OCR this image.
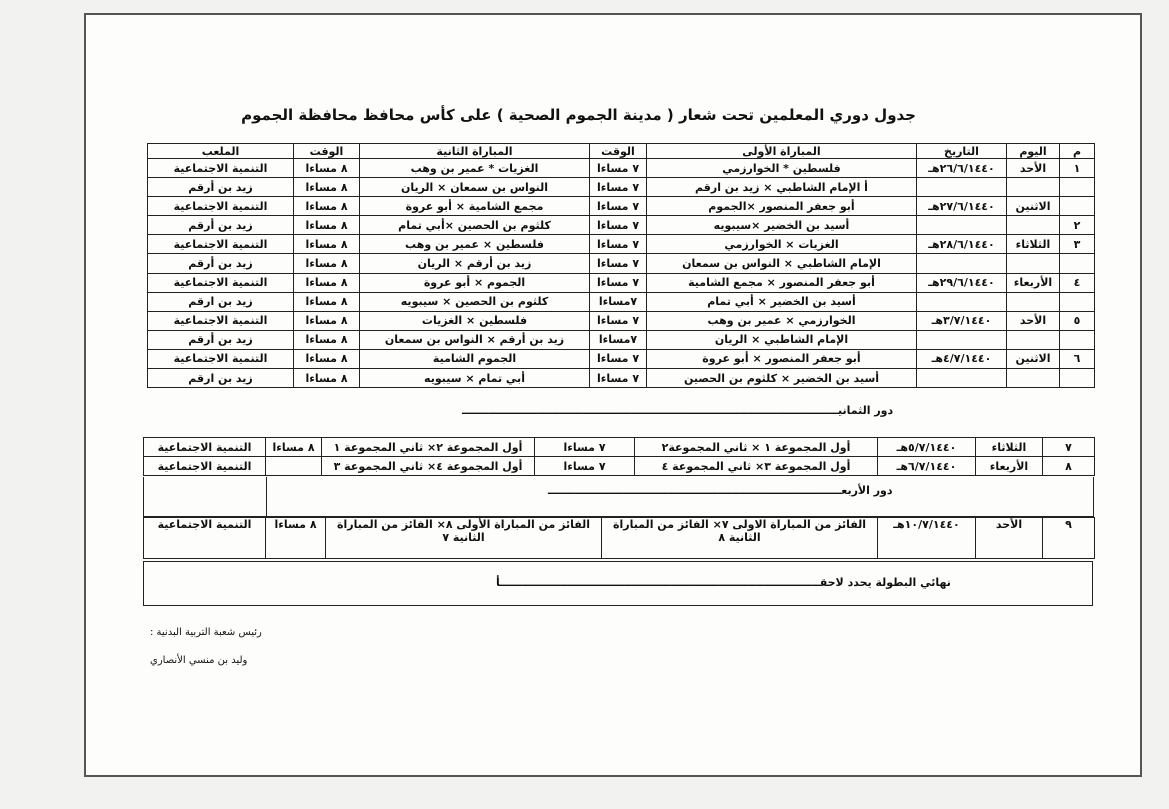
جدول دوري المعلمين تحت شعار ( مدينة الجموم الصحية ) على كأس محافظ محافظة الجموم
م	اليوم	التاريخ	المباراة الأولى	الوقت	المباراة الثانية	الوقت	الملعب
١	الأحد	٢٦/٦/١٤٤٠هـ	فلسطين * الخوارزمي	٧ مساءا	الغزيات * عمير بن وهب	٨ مساءا	التنمية الاجتماعية
			أ الإمام الشاطبي × زيد بن ارقم	٧ مساءا	النواس بن سمعان × الريان	٨ مساءا	زيد بن أرقم
	الاثنين	٢٧/٦/١٤٤٠هـ	أبو جعفر المنصور ×الجموم	٧ مساءا	مجمع الشامية × أبو عروة	٨ مساءا	التنمية الاجتماعية
٢			أسيد بن الخضير ×سيبويه	٧ مساءا	كلثوم بن الحصين ×أبي تمام	٨ مساءا	زيد بن أرقم
٣	الثلاثاء	٢٨/٦/١٤٤٠هـ	الغزيات × الخوارزمي	٧ مساءا	فلسطين × عمير بن وهب	٨ مساءا	التنمية الاجتماعية
			الإمام الشاطبي × النواس بن سمعان	٧ مساءا	زيد بن أرقم × الريان	٨ مساءا	زيد بن أرقم
٤	الأربعاء	٢٩/٦/١٤٤٠هـ	أبو جعفر المنصور × مجمع الشامية	٧ مساءا	الجموم × أبو عروة	٨ مساءا	التنمية الاجتماعية
			أسيد بن الخضير × أبي تمام	٧مساءا	كلثوم بن الحصين × سيبويه	٨ مساءا	زيد بن ارقم
٥	الأحد	٣/٧/١٤٤٠هـ	الخوارزمي × عمير بن وهب	٧ مساءا	فلسطين × الغزيات	٨ مساءا	التنمية الاجتماعية
			الإمام الشاطبي × الريان	٧مساءا	زيد بن أرقم × النواس بن سمعان	٨ مساءا	زيد بن أرقم
٦	الاثنين	٤/٧/١٤٤٠هـ	أبو جعفر المنصور × أبو عروة	٧ مساءا	الجموم الشامية	٨ مساءا	التنمية الاجتماعية
			أسيد بن الخضير × كلثوم بن الحصين	٧ مساءا	أبي تمام × سيبويه	٨ مساءا	زيد بن ارقم
دور الثمانيــــــــــــــــــــــــــــــــــــــــــــــــــــــــــــــــــــــــــــــــــــــــــــــــــــ
٧	الثلاثاء	٥/٧/١٤٤٠هـ	أول المجموعة ١ × ثاني المجموعة٢	٧ مساءا	أول المجموعة ٢× ثاني المجموعة ١	٨ مساءا	التنمية الاجتماعية
٨	الأربعاء	٦/٧/١٤٤٠هـ	أول المجموعة ٣× ثاني المجموعة ٤	٧ مساءا	أول المجموعة ٤× ثاني المجموعة ٣		التنمية الاجتماعية
دور الأربعــــــــــــــــــــــــــــــــــــــــــــــــــــــــــــــــــــــــــــــ
٩	الأحد	١٠/٧/١٤٤٠هـ	الفائز من المباراة الاولى ٧× الفائز من المباراة الثانية ٨		الفائز من المباراة الأولى ٨× الفائز من المباراة الثانية ٧	٨ مساءا	التنمية الاجتماعية
نهائي البطولة يحدد لاحقـــــــــــــــــــــــــــــــــــــــــــــــــــــــــــــــــــــــــــــــــــــأ
رئيس شعبة التربية البدنية :
وليد بن منسي الأنصاري
